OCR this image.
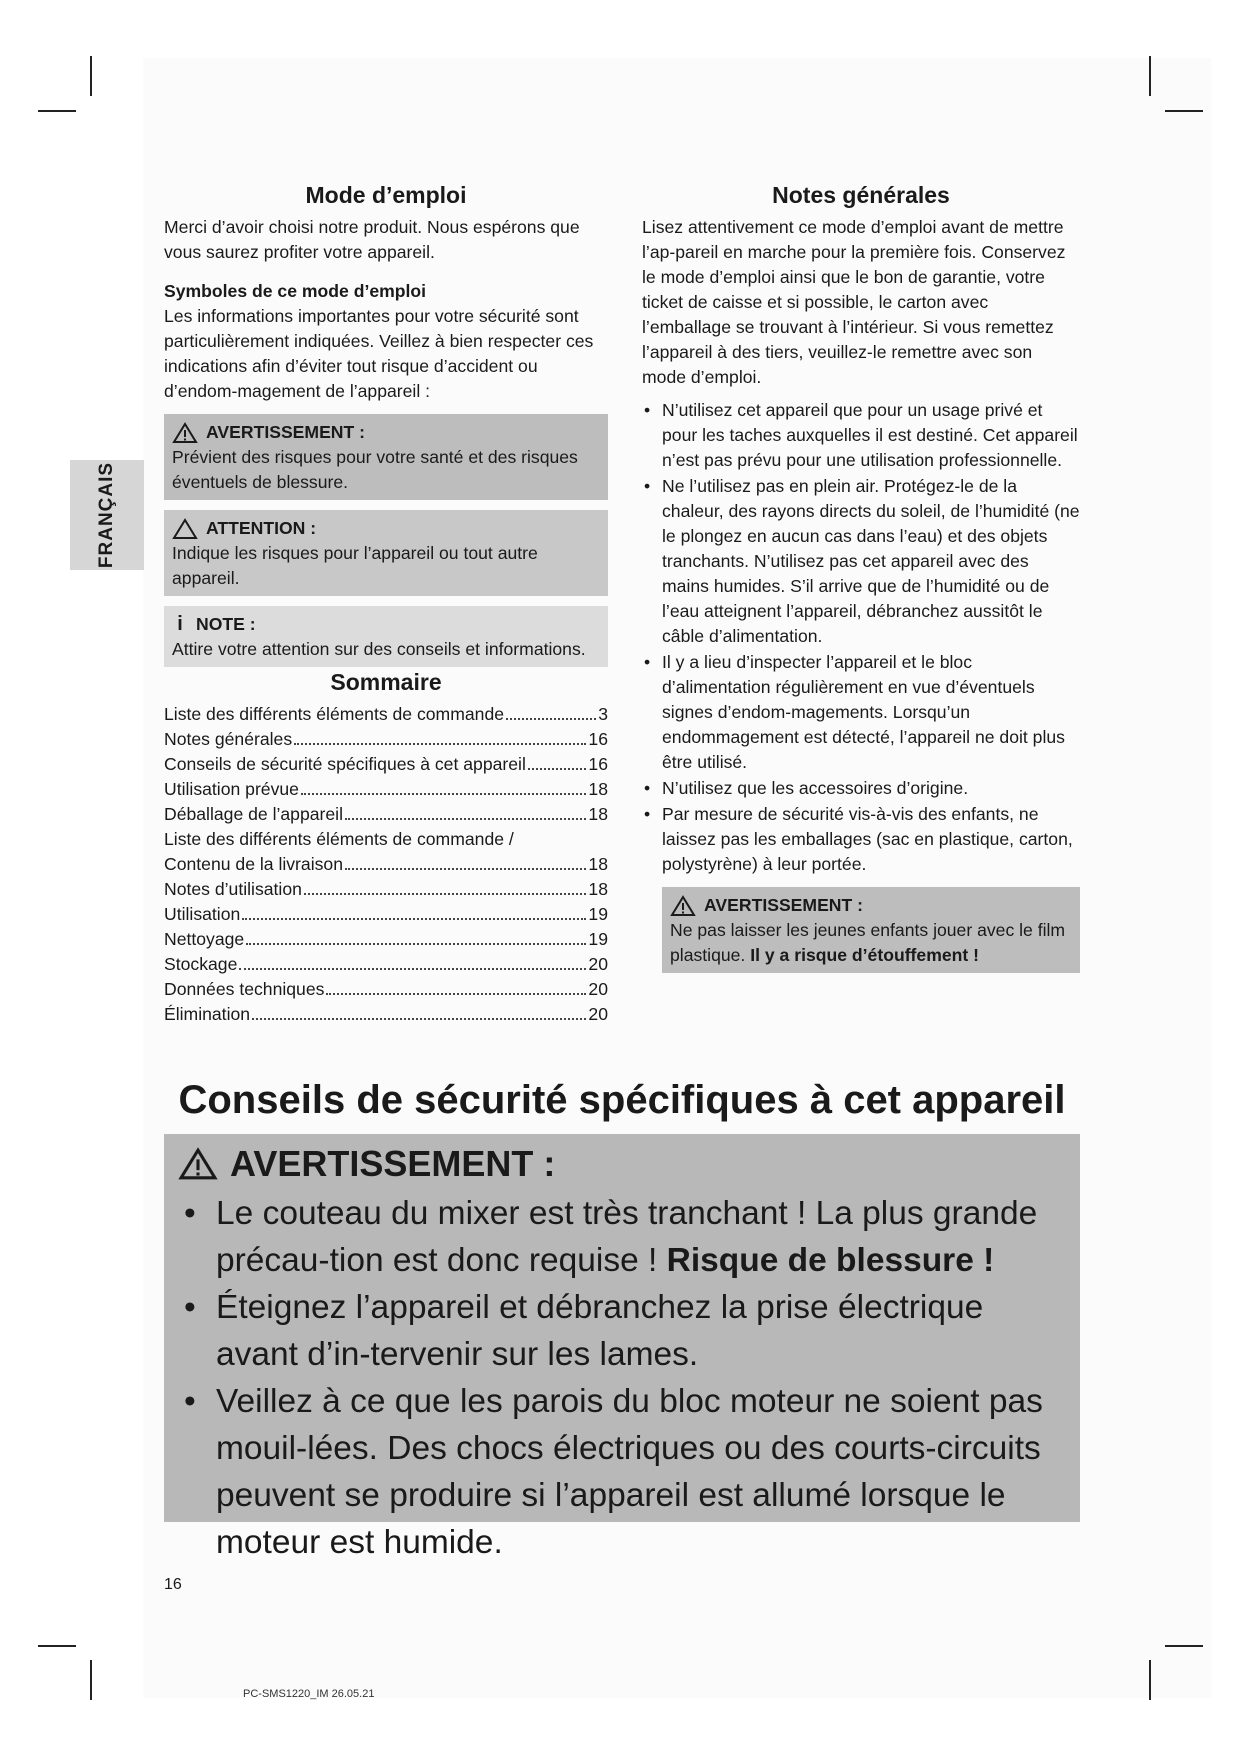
FRANÇAIS
Mode d’emploi

Merci d’avoir choisi notre produit. Nous espérons que vous saurez profiter votre appareil.

Symboles de ce mode d’emploi

Les informations importantes pour votre sécurité sont particulièrement indiquées. Veillez à bien respecter ces indications afin d’éviter tout risque d’accident ou d’endom-magement de l’appareil :

AVERTISSEMENT :
Prévient des risques pour votre santé et des risques éventuels de blessure.
ATTENTION :
Indique les risques pour l’appareil ou tout autre appareil.
i NOTE :
Attire votre attention sur des conseils et informations.
Sommaire
Liste des différents éléments de commande	3
Notes générales	16
Conseils de sécurité spécifiques à cet appareil	16
Utilisation prévue	18
Déballage de l’appareil	18
Liste des différents éléments de commande /
Contenu de la livraison	18
Notes d’utilisation	18
Utilisation	19
Nettoyage	19
Stockage	20
Données techniques	20
Élimination	20
Notes générales

Lisez attentivement ce mode d’emploi avant de mettre l’ap-pareil en marche pour la première fois. Conservez le mode d’emploi ainsi que le bon de garantie, votre ticket de caisse et si possible, le carton avec l’emballage se trouvant à l’intérieur. Si vous remettez l’appareil à des tiers, veuillez-le remettre avec son mode d’emploi.

• N’utilisez cet appareil que pour un usage privé et pour les taches auxquelles il est destiné. Cet appareil n’est pas prévu pour une utilisation professionnelle.
• Ne l’utilisez pas en plein air. Protégez-le de la chaleur, des rayons directs du soleil, de l’humidité (ne le plongez en aucun cas dans l’eau) et des objets tranchants. N’utilisez pas cet appareil avec des mains humides. S’il arrive que de l’humidité ou de l’eau atteignent l’appareil, débranchez aussitôt le câble d’alimentation.
• Il y a lieu d’inspecter l’appareil et le bloc d’alimentation régulièrement en vue d’éventuels signes d’endom-magements. Lorsqu’un endommagement est détecté, l’appareil ne doit plus être utilisé.
• N’utilisez que les accessoires d’origine.
• Par mesure de sécurité vis-à-vis des enfants, ne laissez pas les emballages (sac en plastique, carton, polystyrène) à leur portée.
AVERTISSEMENT :
Ne pas laisser les jeunes enfants jouer avec le film plastique. Il y a risque d’étouffement !
Conseils de sécurité spécifiques à cet appareil
AVERTISSEMENT :
• Le couteau du mixer est très tranchant ! La plus grande précau-tion est donc requise ! Risque de blessure !
• Éteignez l’appareil et débranchez la prise électrique avant d’in-tervenir sur les lames.
• Veillez à ce que les parois du bloc moteur ne soient pas mouil-lées. Des chocs électriques ou des courts-circuits peuvent se produire si l’appareil est allumé lorsque le moteur est humide.
16
PC-SMS1220_IM 26.05.21
